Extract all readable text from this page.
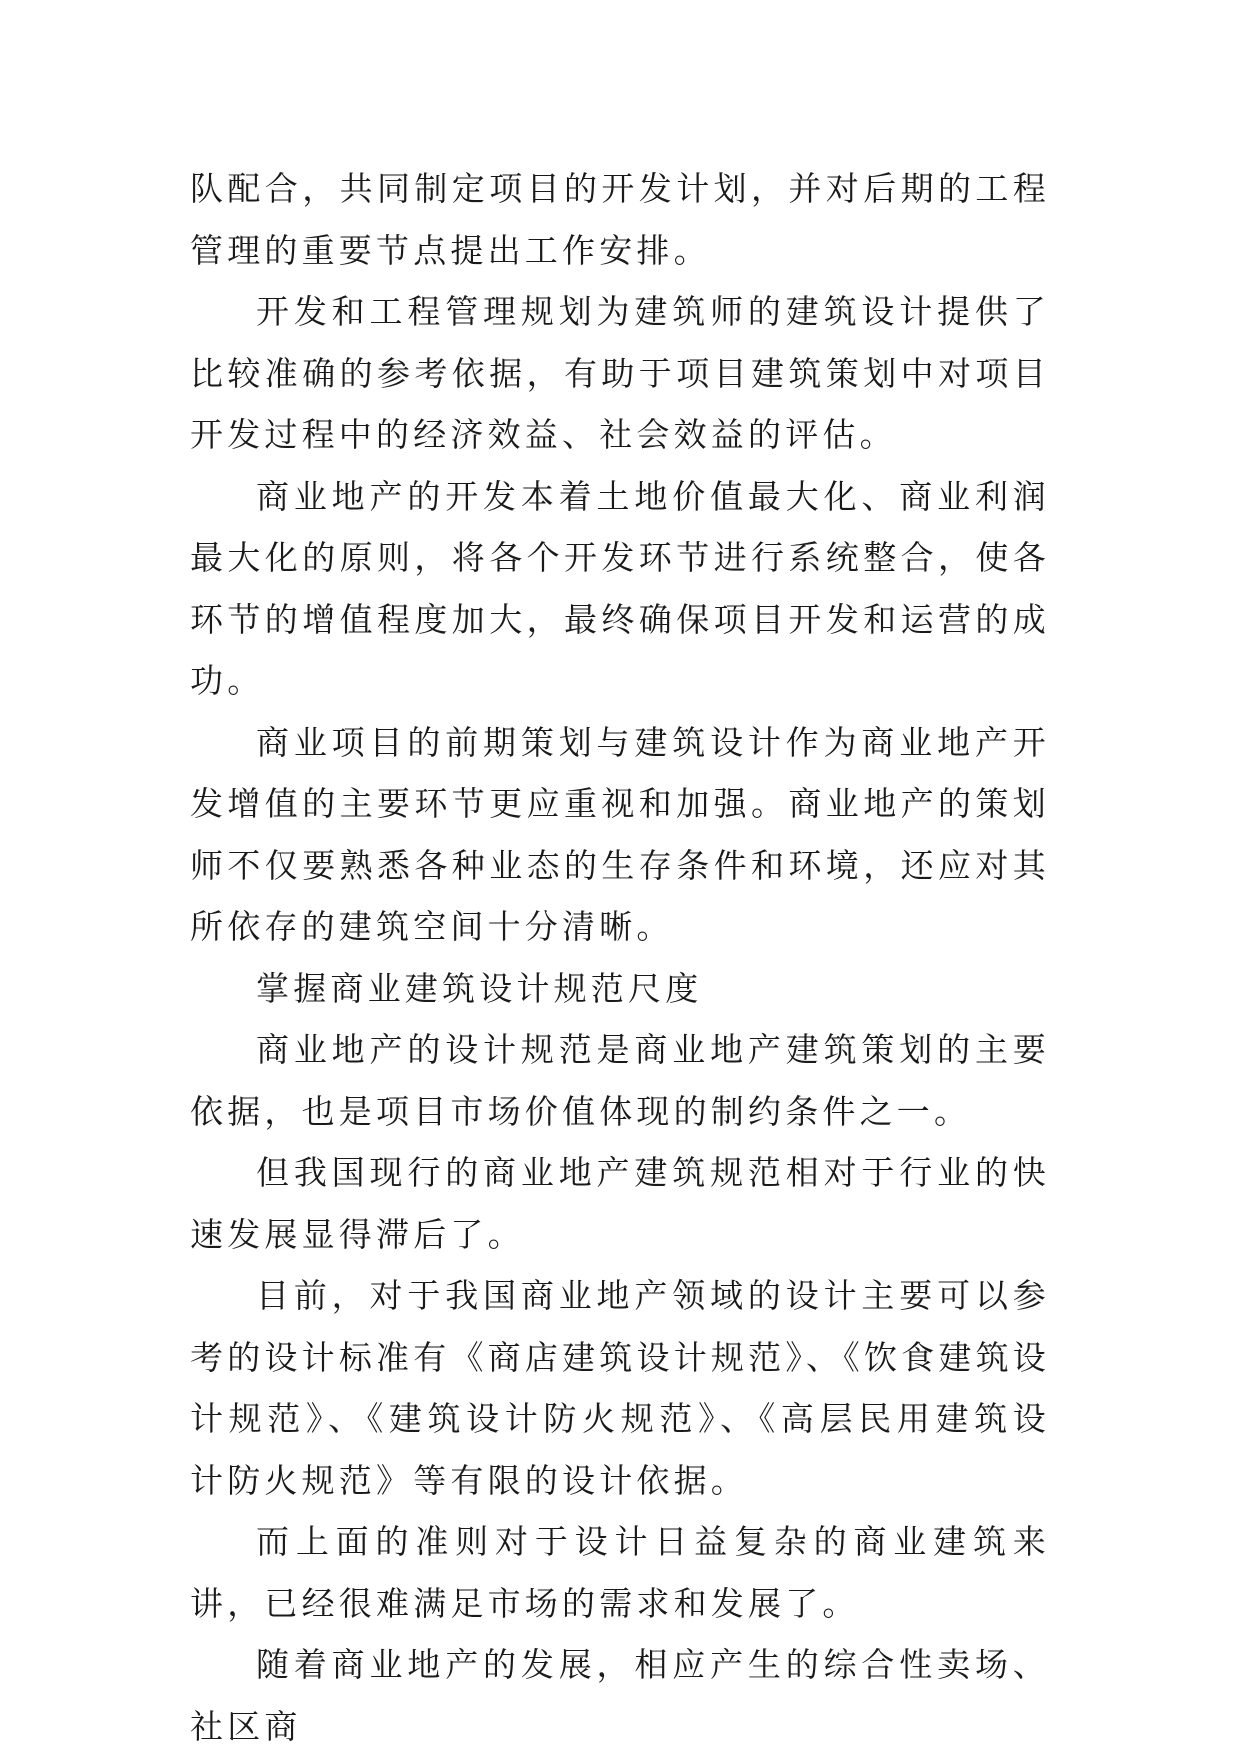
队配合，共同制定项目的开发计划，并对后期的工程管理的重要节点提出工作安排。

开发和工程管理规划为建筑师的建筑设计提供了比较准确的参考依据，有助于项目建筑策划中对项目开发过程中的经济效益、社会效益的评估。

商业地产的开发本着土地价值最大化、商业利润最大化的原则，将各个开发环节进行系统整合，使各环节的增值程度加大，最终确保项目开发和运营的成功。

商业项目的前期策划与建筑设计作为商业地产开发增值的主要环节更应重视和加强。商业地产的策划师不仅要熟悉各种业态的生存条件和环境，还应对其所依存的建筑空间十分清晰。

掌握商业建筑设计规范尺度

商业地产的设计规范是商业地产建筑策划的主要依据，也是项目市场价值体现的制约条件之一。

但我国现行的商业地产建筑规范相对于行业的快速发展显得滞后了。

目前，对于我国商业地产领域的设计主要可以参考的设计标准有《商店建筑设计规范》、《饮食建筑设计规范》、《建筑设计防火规范》、《高层民用建筑设计防火规范》等有限的设计依据。

而上面的准则对于设计日益复杂的商业建筑来讲，已经很难满足市场的需求和发展了。

随着商业地产的发展，相应产生的综合性卖场、社区商
